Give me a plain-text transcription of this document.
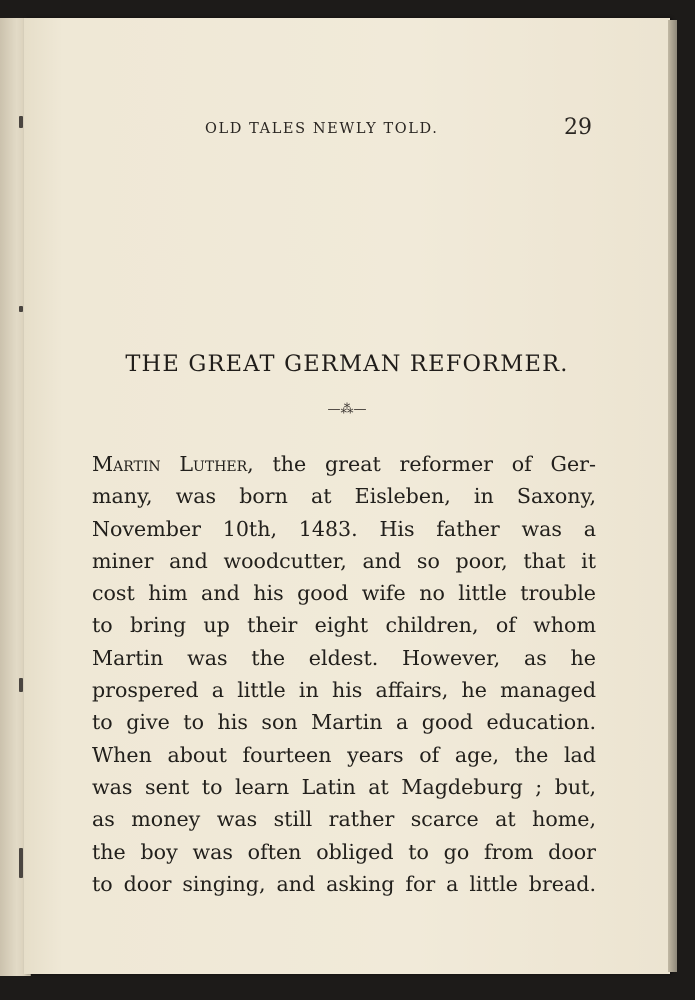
OLD TALES NEWLY TOLD.	29
THE GREAT GERMAN REFORMER.
—⁂—
Martin Luther, the great reformer of Ger-
many, was born at Eisleben, in Saxony,
November 10th, 1483. His father was a
miner and woodcutter, and so poor, that it
cost him and his good wife no little trouble
to bring up their eight children, of whom
Martin was the eldest. However, as he
prospered a little in his affairs, he managed
to give to his son Martin a good education.
When about fourteen years of age, the lad
was sent to learn Latin at Magdeburg ; but,
as money was still rather scarce at home,
the boy was often obliged to go from door
to door singing, and asking for a little bread.
